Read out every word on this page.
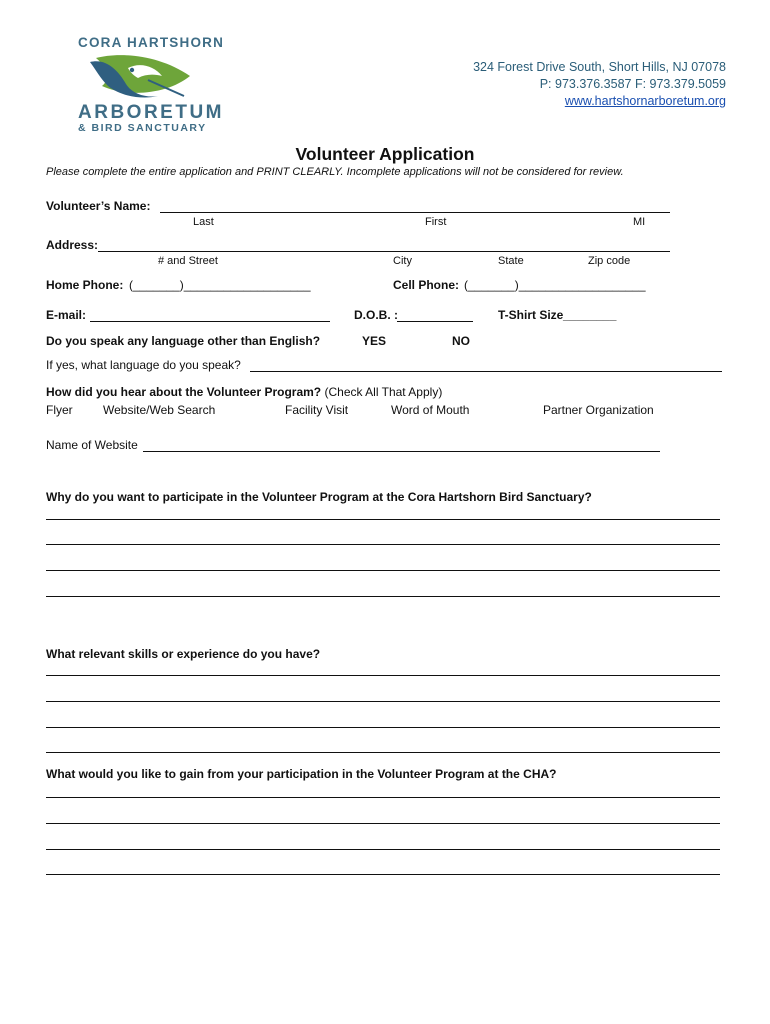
CORA HARTSHORN
ARBORETUM
& BIRD SANCTUARY
324 Forest Drive South, Short Hills, NJ 07078
P: 973.376.3587 F: 973.379.5059
www.hartshornarboretum.org
Volunteer Application
Please complete the entire application and PRINT CLEARLY. Incomplete applications will not be considered for review.
Volunteer’s Name:
Last	First	MI
Address:
# and Street	City	State	Zip code
Home Phone: (_______)___________________	Cell Phone: (_______)___________________
E-mail:	D.O.B. :	T-Shirt Size ________
Do you speak any language other than English?	YES	NO
If yes, what language do you speak?
How did you hear about the Volunteer Program? (Check All That Apply)
Flyer	Website/Web Search	Facility Visit	Word of Mouth	Partner Organization
Name of Website
Why do you want to participate in the Volunteer Program at the Cora Hartshorn Bird Sanctuary?
What relevant skills or experience do you have?
What would you like to gain from your participation in the Volunteer Program at the CHA?
